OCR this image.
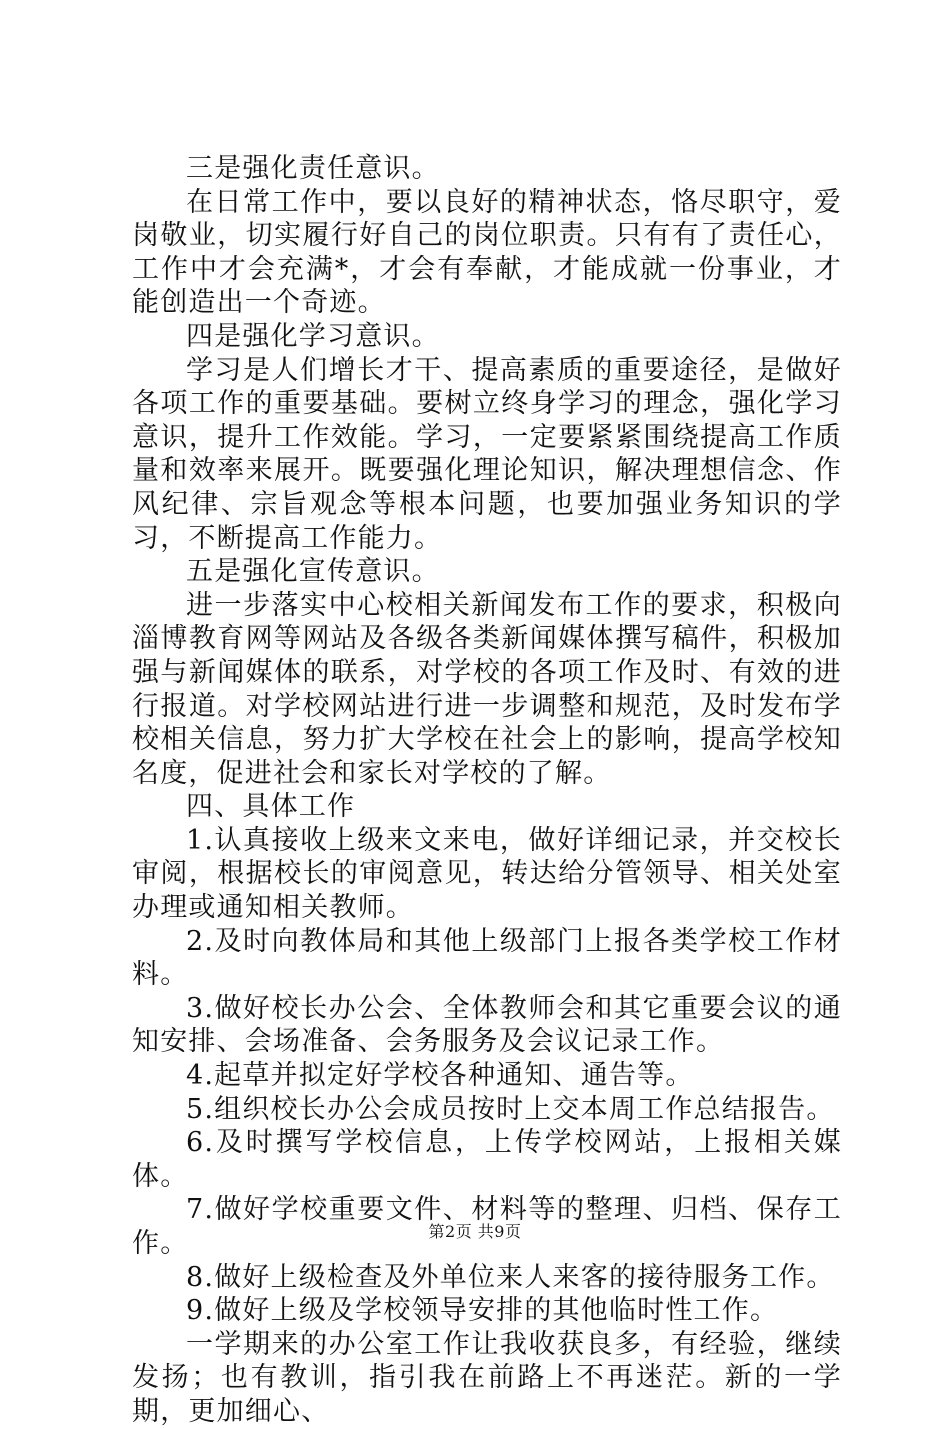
三是强化责任意识。

在日常工作中，要以良好的精神状态，恪尽职守，爱岗敬业，切实履行好自己的岗位职责。只有有了责任心，工作中才会充满*，才会有奉献，才能成就一份事业，才能创造出一个奇迹。

四是强化学习意识。

学习是人们增长才干、提高素质的重要途径，是做好各项工作的重要基础。要树立终身学习的理念，强化学习意识，提升工作效能。学习，一定要紧紧围绕提高工作质量和效率来展开。既要强化理论知识，解决理想信念、作风纪律、宗旨观念等根本问题，也要加强业务知识的学习，不断提高工作能力。

五是强化宣传意识。

进一步落实中心校相关新闻发布工作的要求，积极向淄博教育网等网站及各级各类新闻媒体撰写稿件，积极加强与新闻媒体的联系，对学校的各项工作及时、有效的进行报道。对学校网站进行进一步调整和规范，及时发布学校相关信息，努力扩大学校在社会上的影响，提高学校知名度，促进社会和家长对学校的了解。

四、具体工作

1.认真接收上级来文来电，做好详细记录，并交校长审阅，根据校长的审阅意见，转达给分管领导、相关处室办理或通知相关教师。

2.及时向教体局和其他上级部门上报各类学校工作材料。

3.做好校长办公会、全体教师会和其它重要会议的通知安排、会场准备、会务服务及会议记录工作。

4.起草并拟定好学校各种通知、通告等。

5.组织校长办公会成员按时上交本周工作总结报告。

6.及时撰写学校信息，上传学校网站，上报相关媒体。

7.做好学校重要文件、材料等的整理、归档、保存工作。

8.做好上级检查及外单位来人来客的接待服务工作。

9.做好上级及学校领导安排的其他临时性工作。

一学期来的办公室工作让我收获良多，有经验，继续发扬；也有教训，指引我在前路上不再迷茫。新的一学期，更加细心、

第2页 共9页
